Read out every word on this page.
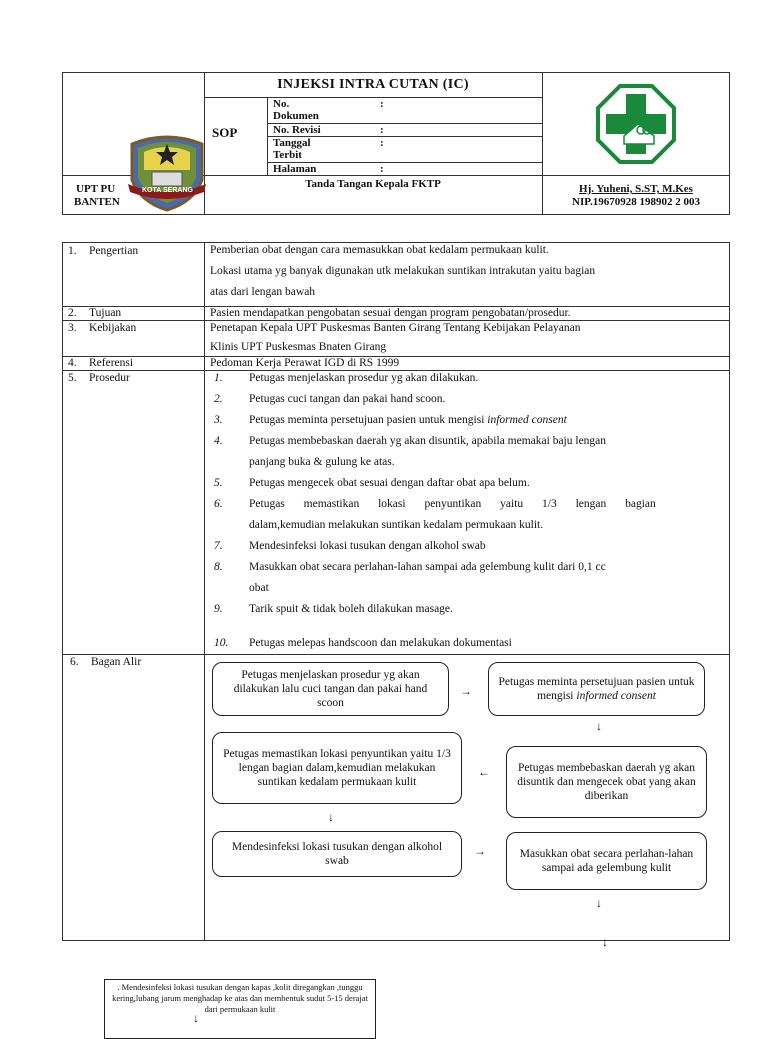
INJEKSI INTRA CUTAN (IC)
SOP
No. Dokumen
:
No. Revisi	:
Tanggal Terbit
:
Halaman	:
UPT PU
BANTEN
Tanda Tangan Kepala FKTP	Hj. Yuheni, S.ST, M.Kes
NIP.19670928 198902 2 003
KOTA SERANG
1. Pengertian	Pemberian obat dengan cara memasukkan obat kedalam permukaan kulit.
Lokasi utama yg banyak digunakan utk melakukan suntikan intrakutan yaitu bagian
atas dari lengan bawah
2. Tujuan	Pasien mendapatkan pengobatan sesuai dengan program pengobatan/prosedur.
3. Kebijakan	Penetapan Kepala UPT Puskesmas Banten Girang Tentang Kebijakan Pelayanan
Klinis UPT Puskesmas Bnaten Girang
4. Referensi	Pedoman Kerja Perawat IGD di RS 1999
5. Prosedur	1. Petugas menjelaskan prosedur yg akan dilakukan.
2. Petugas cuci tangan dan pakai hand scoon.
3. Petugas meminta persetujuan pasien untuk mengisi informed consent
4. Petugas membebaskan daerah yg akan disuntik, apabila memakai baju lengan
panjang buka & gulung ke atas.
5. Petugas mengecek obat sesuai dengan daftar obat apa belum.
6. Petugas memastikan lokasi penyuntikan yaitu 1/3 lengan bagian
dalam,kemudian melakukan suntikan kedalam permukaan kulit.
7. Mendesinfeksi lokasi tusukan dengan alkohol swab
8. Masukkan obat secara perlahan-lahan sampai ada gelembung kulit dari 0,1 cc
obat
9. Tarik spuit & tidak boleh dilakukan masage.
10. Petugas melepas handscoon dan melakukan dokumentasi
6. Bagan Alir
Petugas menjelaskan prosedur yg akan dilakukan lalu cuci tangan dan pakai hand scoon
→
Petugas meminta persetujuan pasien untuk mengisi informed consent
↓
Petugas memastikan lokasi penyuntikan yaitu 1/3 lengan bagian dalam,kemudian melakukan suntikan kedalam permukaan kulit
←	Petugas membebaskan daerah yg akan disuntik dan mengecek obat yang akan diberikan
↓
Mendesinfeksi lokasi tusukan dengan alkohol swab
→	Masukkan obat secara perlahan-lahan sampai ada gelembung kulit
↓
↓
. Mendesinfeksi lokasi tusukan dengan kapas ,kolit diregangkan ,tunggu kering,lubang jarum menghadap ke atas dan membentuk sudut 5-15 derajat dari permukaan kulit
↓
